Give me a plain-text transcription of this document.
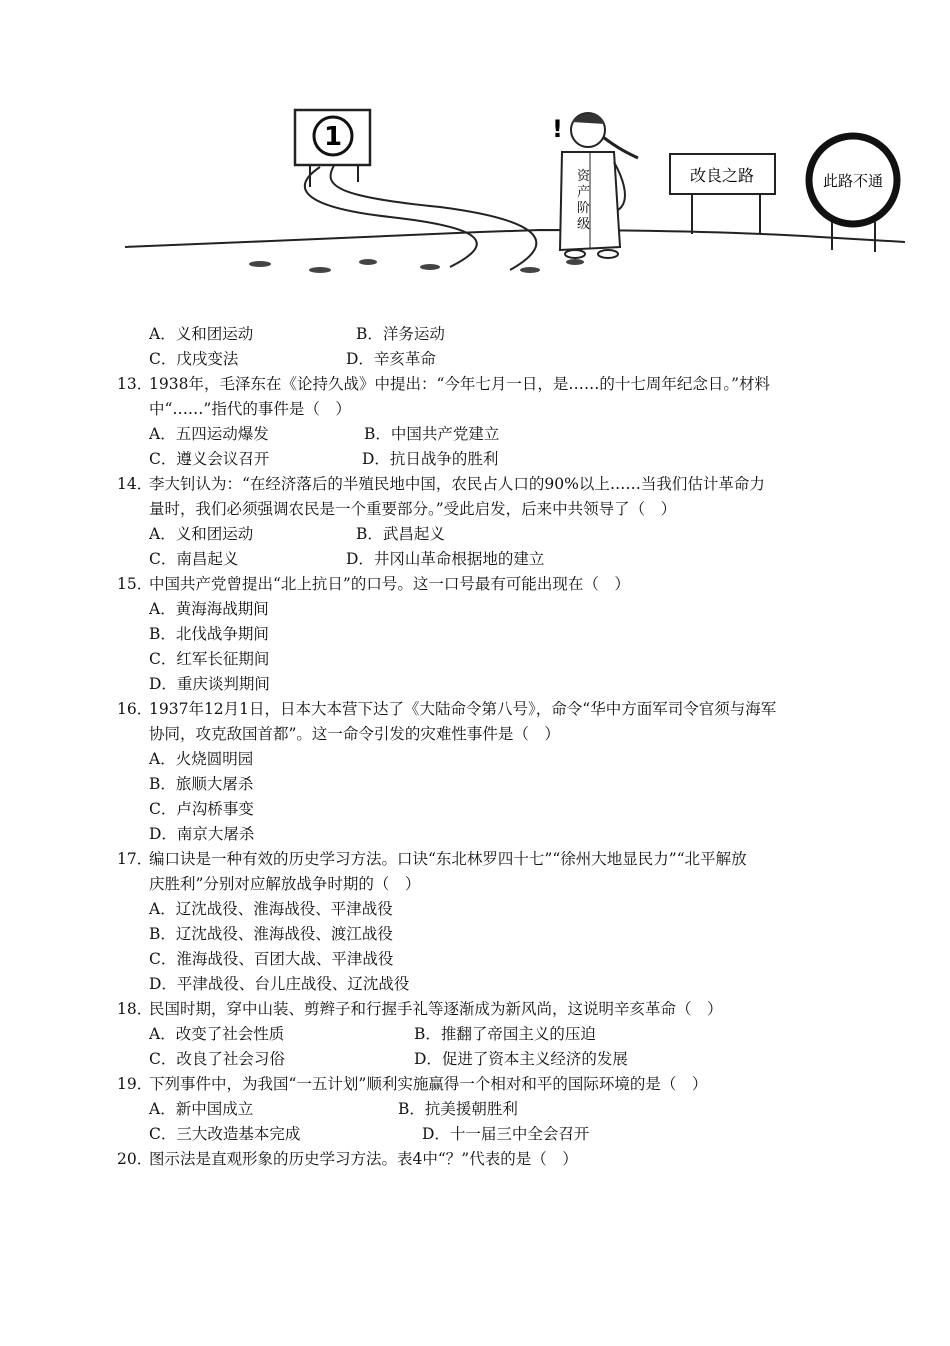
1	!
资
产
阶
级
改良之路	此路不通
A．义和团运动	B．洋务运动
C．戊戌变法	D．辛亥革命
13．1938年，毛泽东在《论持久战》中提出：“今年七月一日，是……的十七周年纪念日。”材料
中“……”指代的事件是（　）
A．五四运动爆发	B．中国共产党建立
C．遵义会议召开	D．抗日战争的胜利
14．李大钊认为：“在经济落后的半殖民地中国，农民占人口的90%以上……当我们估计革命力
量时，我们必须强调农民是一个重要部分。”受此启发，后来中共领导了（　）
A．义和团运动	B．武昌起义
C．南昌起义	D．井冈山革命根据地的建立
15．中国共产党曾提出“北上抗日”的口号。这一口号最有可能出现在（　）
A．黄海海战期间
B．北伐战争期间
C．红军长征期间
D．重庆谈判期间
16．1937年12月1日，日本大本营下达了《大陆命令第八号》，命令“华中方面军司令官须与海军
协同，攻克敌国首都”。这一命令引发的灾难性事件是（　）
A．火烧圆明园
B．旅顺大屠杀
C．卢沟桥事变
D．南京大屠杀
17．编口诀是一种有效的历史学习方法。口诀“东北林罗四十七”“徐州大地显民力”“北平解放
庆胜利”分别对应解放战争时期的（　）
A．辽沈战役、淮海战役、平津战役
B．辽沈战役、淮海战役、渡江战役
C．淮海战役、百团大战、平津战役
D．平津战役、台儿庄战役、辽沈战役
18．民国时期，穿中山装、剪辫子和行握手礼等逐渐成为新风尚，这说明辛亥革命（　）
A．改变了社会性质	B．推翻了帝国主义的压迫
C．改良了社会习俗	D．促进了资本主义经济的发展
19．下列事件中，为我国“一五计划”顺利实施赢得一个相对和平的国际环境的是（　）
A．新中国成立	B．抗美援朝胜利
C．三大改造基本完成	D．十一届三中全会召开
20．图示法是直观形象的历史学习方法。表4中“？”代表的是（　）
